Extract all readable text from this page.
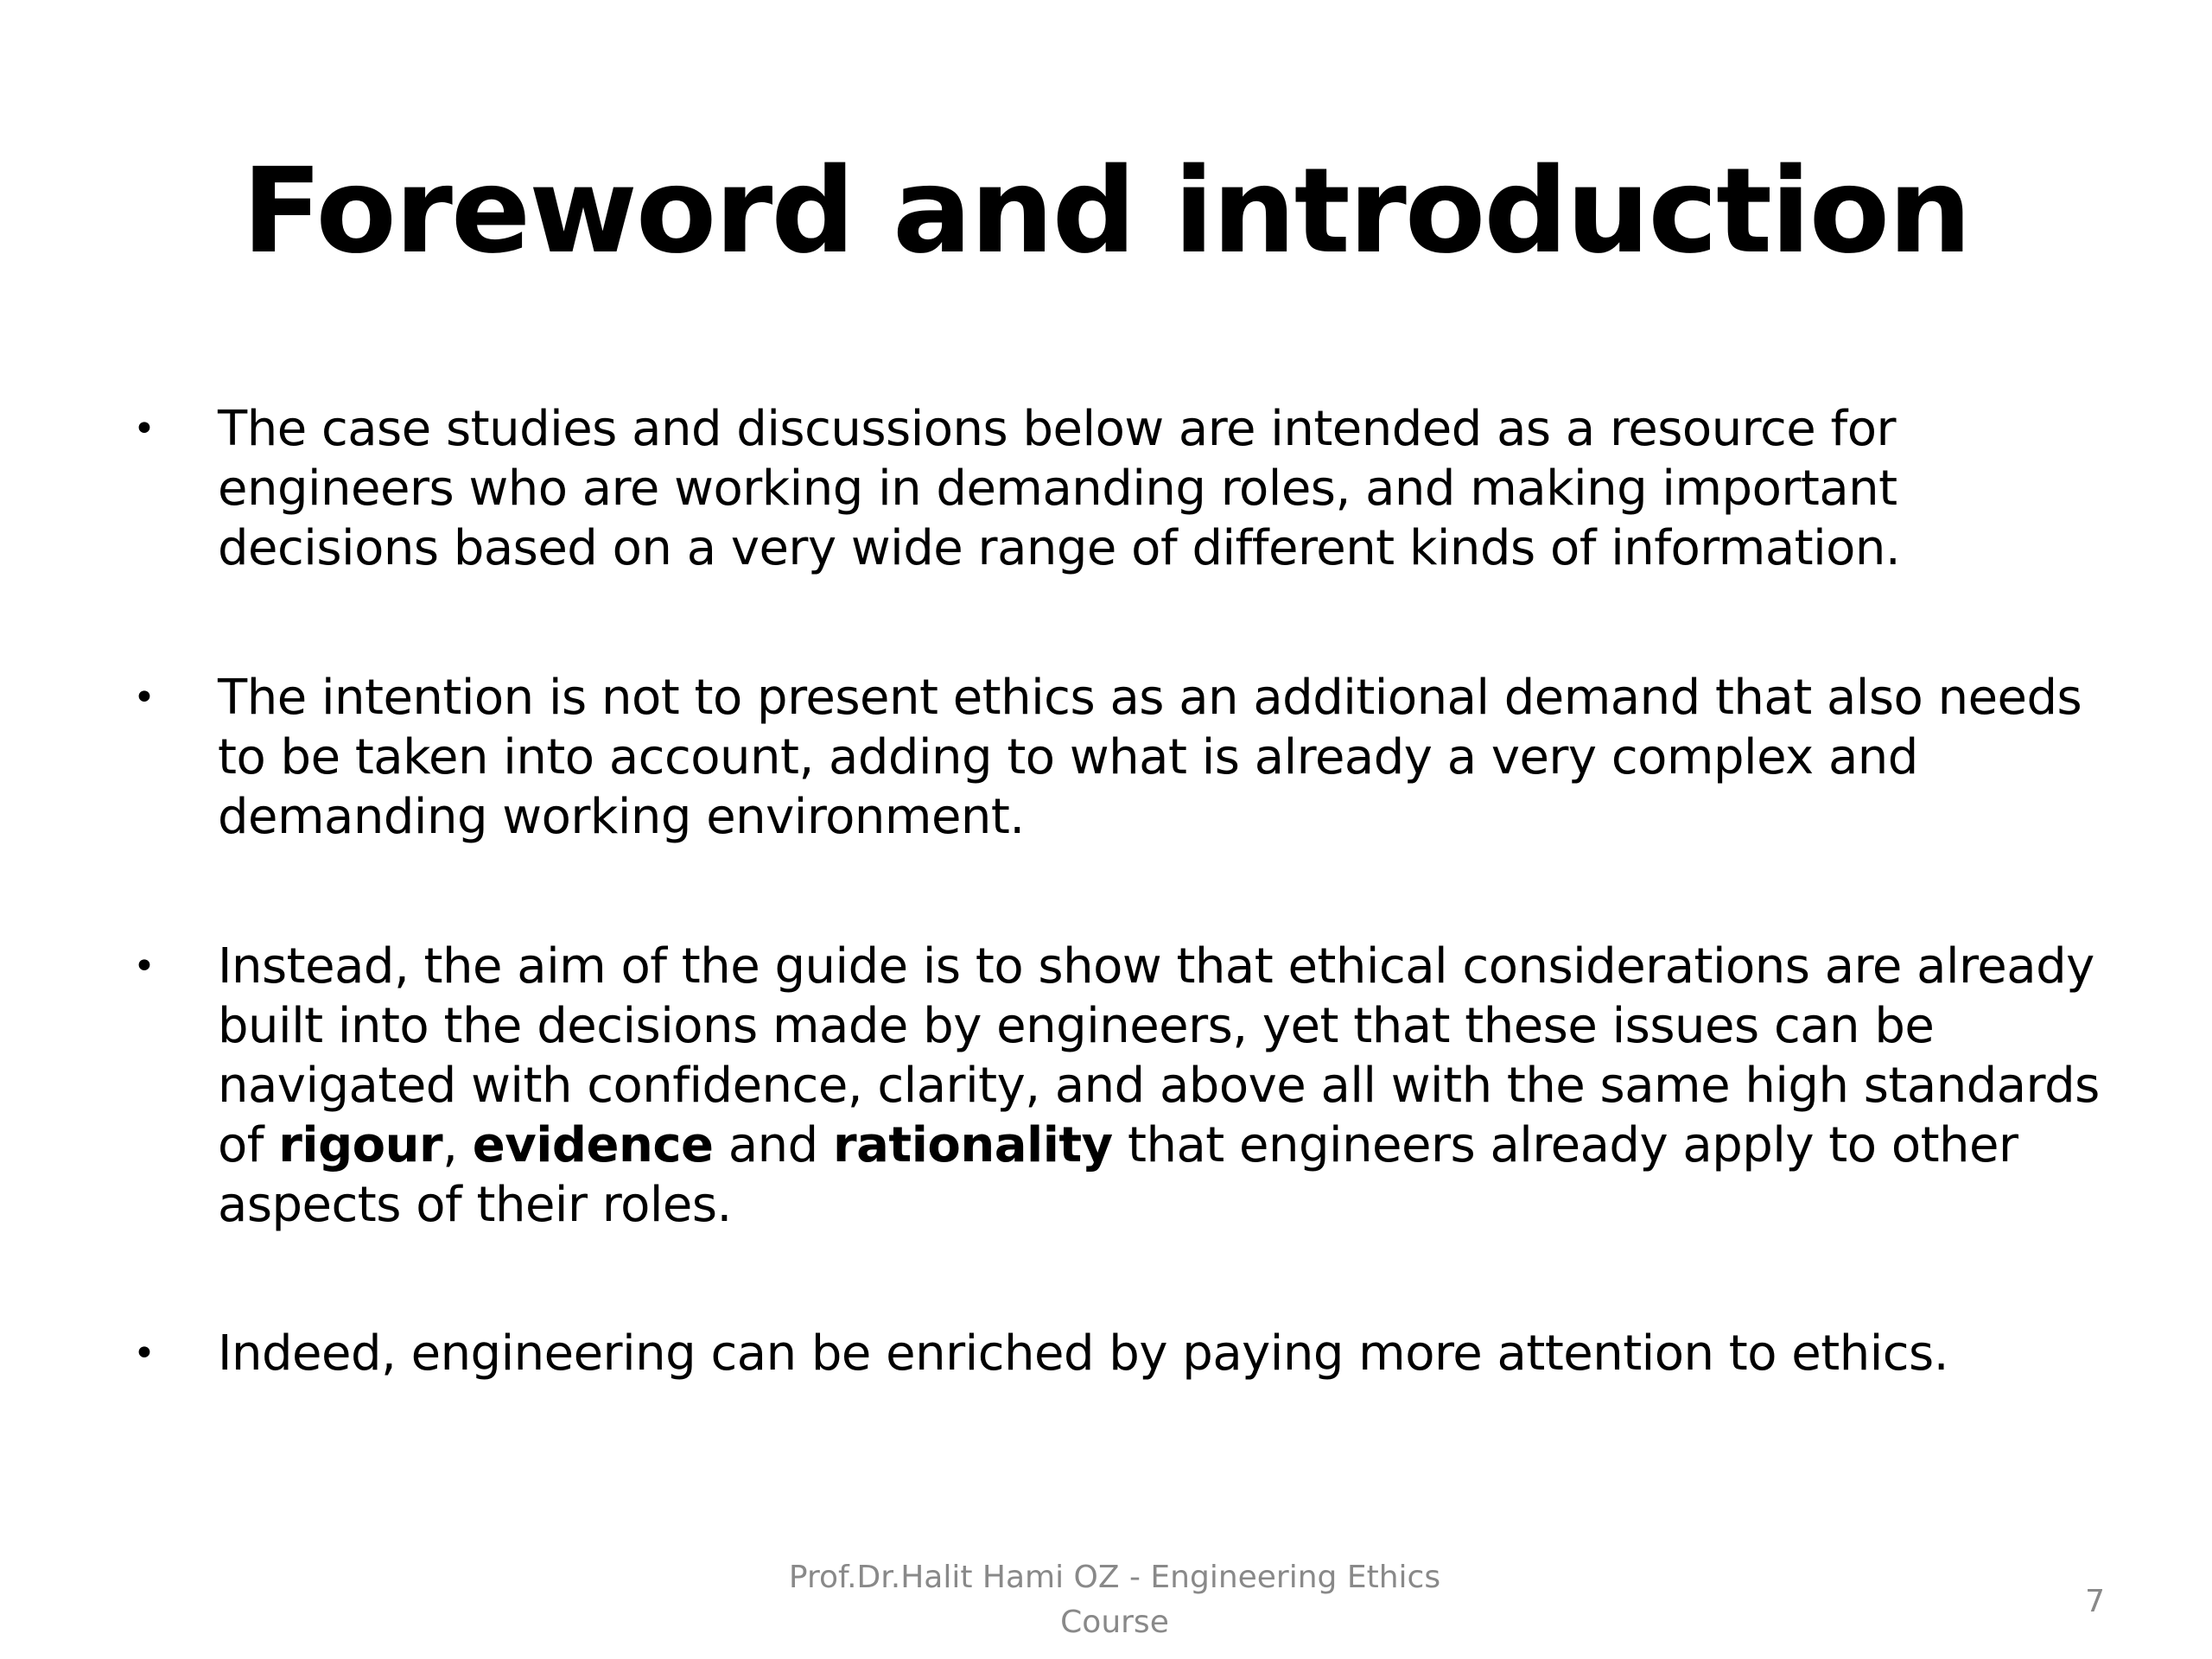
Foreword and introduction
• The case studies and discussions below are intended as a resource for engineers who are working in demanding roles, and making important decisions based on a very wide range of different kinds of information.
• The intention is not to present ethics as an additional demand that also needs to be taken into account, adding to what is already a very complex and demanding working environment.
• Instead, the aim of the guide is to show that ethical considerations are already built into the decisions made by engineers, yet that these issues can be navigated with confidence, clarity, and above all with the same high standards of rigour, evidence and rationality that engineers already apply to other aspects of their roles.
• Indeed, engineering can be enriched by paying more attention to ethics.
Prof.Dr.Halit Hami OZ - Engineering Ethics Course
7
